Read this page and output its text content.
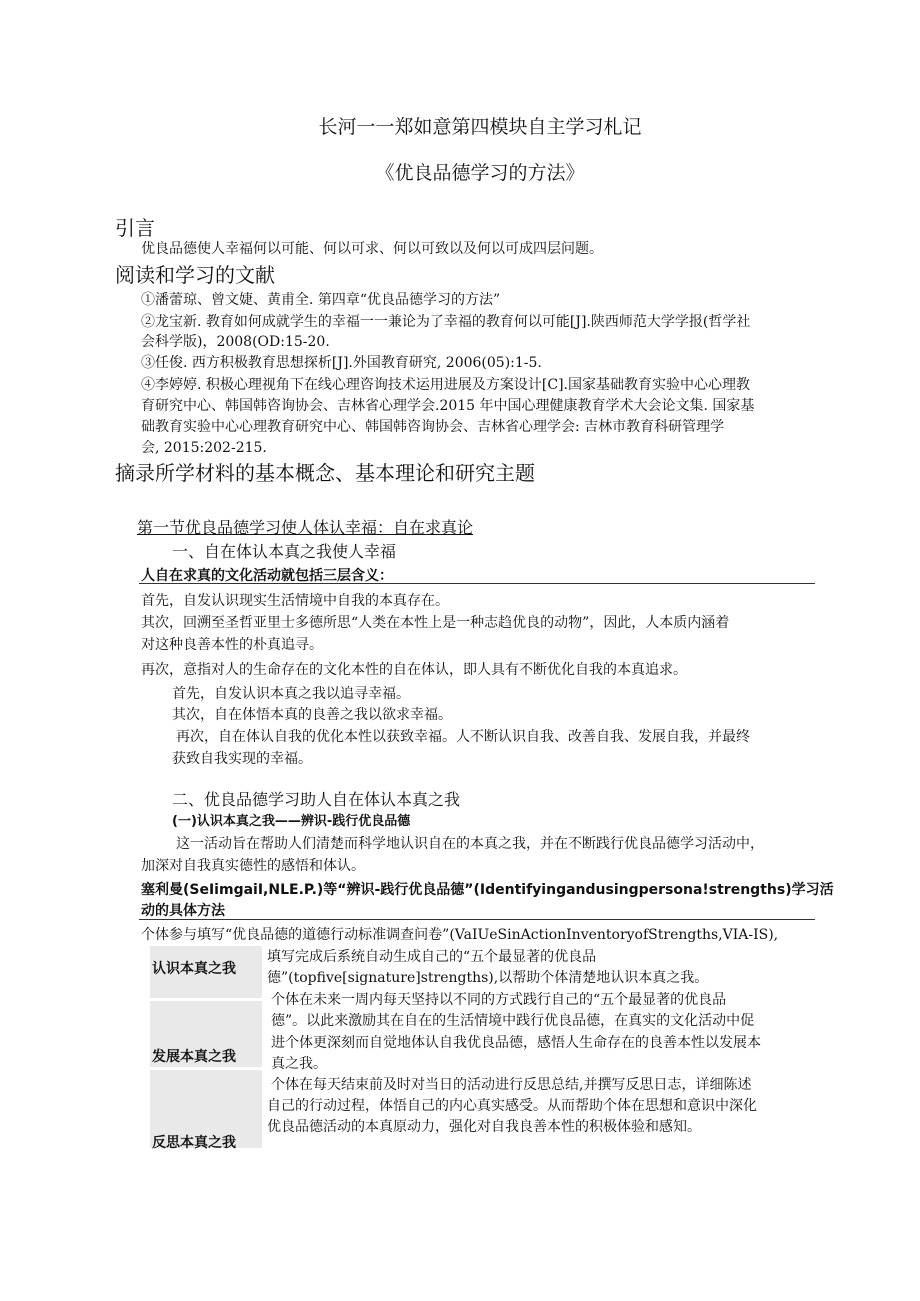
长河一一郑如意第四模块自主学习札记
《优良品德学习的方法》
引言
优良品德使人幸福何以可能、何以可求、何以可致以及何以可成四层问题。
阅读和学习的文献
①潘蕾琼、曾文婕、黄甫全. 第四章“优良品德学习的方法”
②龙宝新. 教育如何成就学生的幸福一一兼论为了幸福的教育何以可能[J].陕西师范大学学报(哲学社
会科学版)，2008(OD:15-20.
③任俊. 西方积极教育思想探析[J].外国教育研究, 2006(05):1-5.
④李婷婷. 积极心理视角下在线心理咨询技术运用进展及方案设计[C].国家基础教育实验中心心理教
育研究中心、韩国韩咨询协会、吉林省心理学会.2015 年中国心理健康教育学术大会论文集. 国家基
础教育实验中心心理教育研究中心、韩国韩咨询协会、吉林省心理学会: 吉林市教育科研管理学
会, 2015:202-215.
摘录所学材料的基本概念、基本理论和研究主题
第一节优良品德学习使人体认幸福：自在求真论
一、自在体认本真之我使人幸福
人自在求真的文化活动就包括三层含义：
首先，自发认识现实生活情境中自我的本真存在。
其次，回溯至圣哲亚里士多德所思“人类在本性上是一种志趋优良的动物”，因此，人本质内涵着
对这种良善本性的朴真追寻。
再次，意指对人的生命存在的文化本性的自在体认，即人具有不断优化自我的本真追求。
首先，自发认识本真之我以追寻幸福。
其次，自在体悟本真的良善之我以欲求幸福。
再次，自在体认自我的优化本性以获致幸福。人不断认识自我、改善自我、发展自我，并最终
获致自我实现的幸福。
二、优良品德学习助人自在体认本真之我
(一)认识本真之我——辨识-践行优良品德
这一活动旨在帮助人们清楚而科学地认识自在的本真之我，并在不断践行优良品德学习活动中，
加深对自我真实德性的感悟和体认。
塞利曼(SeIimgaiI,NLE.P.)等“辨识-践行优良品德”(Identifyingandusingpersona!strengths)学习活
动的具体方法
个体参与填写“优良品德的道德行动标准调查问卷”(VaIUeSinActionInventoryofStrengths,VIA-IS),
认识本真之我
填写完成后系统自动生成自己的“五个最显著的优良品
德”(topfive[signature]strengths),以帮助个体清楚地认识本真之我。
发展本真之我
个体在未来一周内每天坚持以不同的方式践行自己的“五个最显著的优良品
德”。以此来激励其在自在的生活情境中践行优良品德，在真实的文化活动中促
进个体更深刻而自觉地体认自我优良品德，感悟人生命存在的良善本性以发展本
真之我。
反思本真之我
个体在每天结束前及时对当日的活动进行反思总结,并撰写反思日志，详细陈述
自己的行动过程，体悟自己的内心真实感受。从而帮助个体在思想和意识中深化
优良品德活动的本真原动力，强化对自我良善本性的积极体验和感知。
